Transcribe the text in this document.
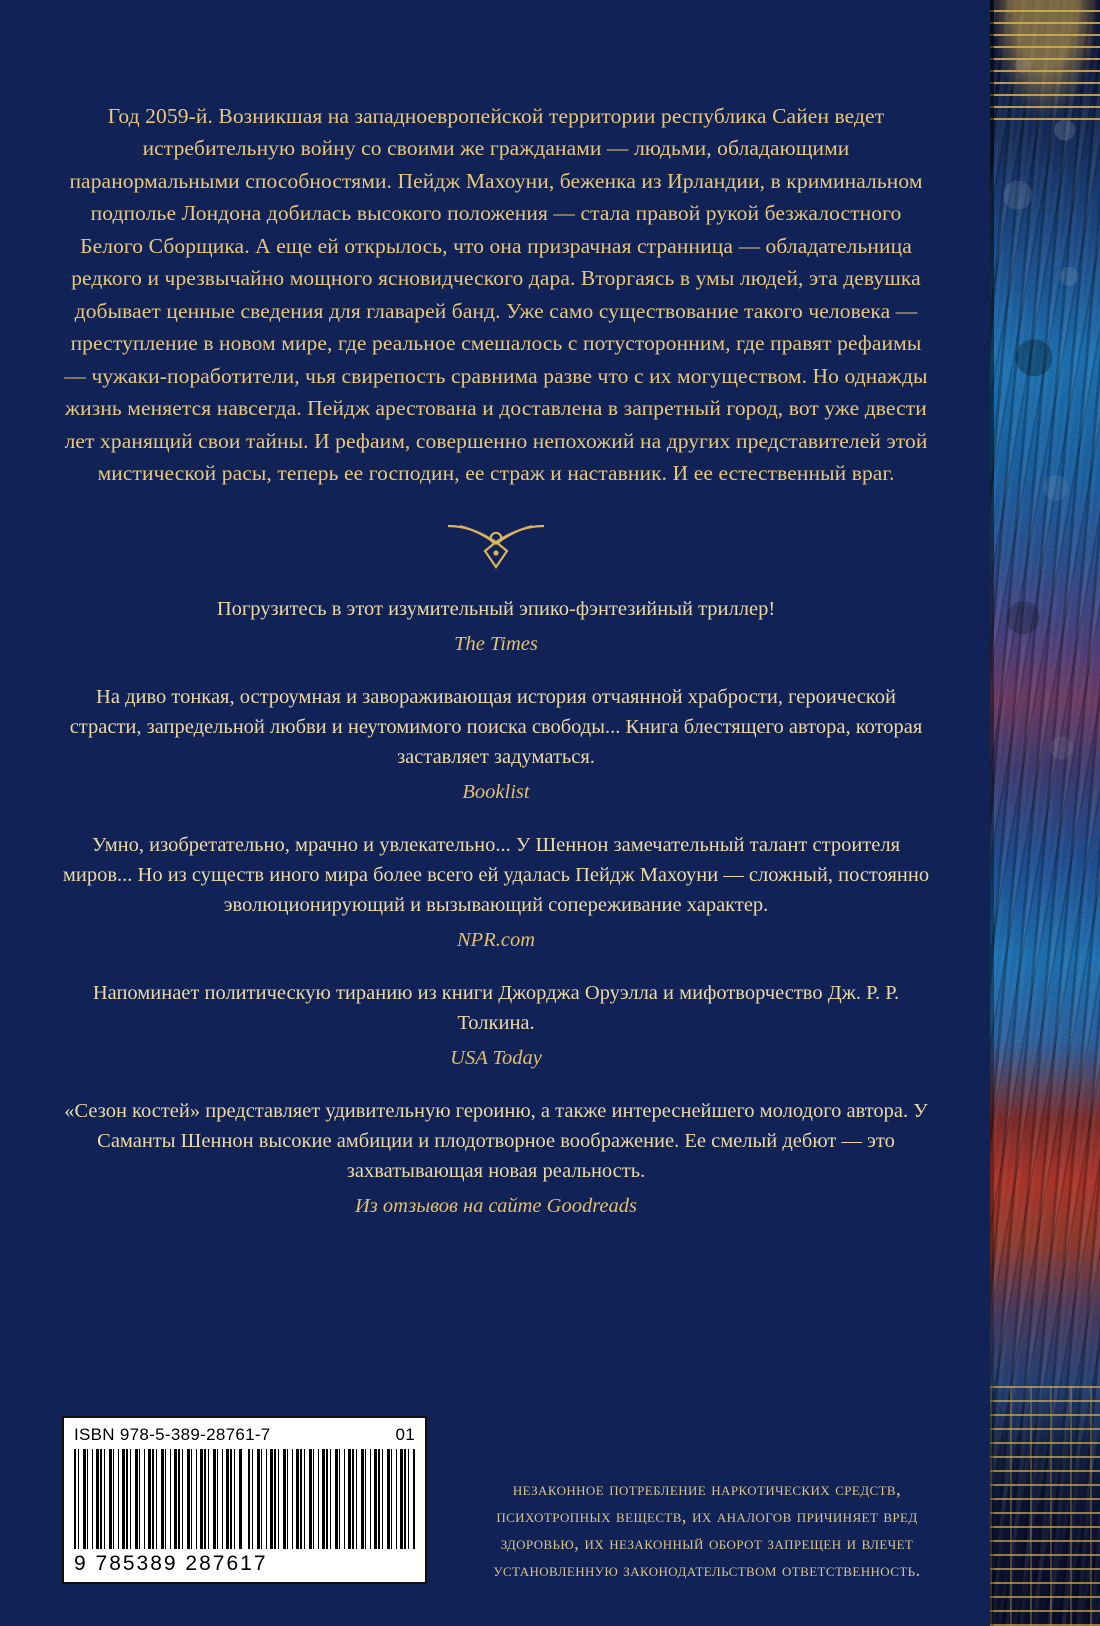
Год 2059-й. Возникшая на западноевропейской территории республика Сайен ведет истребительную войну со своими же гражданами — людьми, обладающими паранормальными способностями. Пейдж Махоуни, беженка из Ирландии, в криминальном подполье Лондона добилась высокого положения — стала правой рукой безжалостного Белого Сборщика. А еще ей открылось, что она призрачная странница — обладательница редкого и чрезвычайно мощного ясновидческого дара. Вторгаясь в умы людей, эта девушка добывает ценные сведения для главарей банд. Уже само существование такого человека — преступление в новом мире, где реальное смешалось с потусторонним, где правят рефаимы — чужаки-поработители, чья свирепость сравнима разве что с их могуществом. Но однажды жизнь меняется навсегда. Пейдж арестована и доставлена в запретный город, вот уже двести лет хранящий свои тайны. И рефаим, совершенно непохожий на других представителей этой мистической расы, теперь ее господин, ее страж и наставник. И ее естественный враг.

Погрузитесь в этот изумительный эпико-фэнтезийный триллер!
The Times
На диво тонкая, остроумная и завораживающая история отчаянной храбрости, героической страсти, запредельной любви и неутомимого поиска свободы... Книга блестящего автора, которая заставляет задуматься.
Booklist
Умно, изобретательно, мрачно и увлекательно... У Шеннон замечательный талант строителя миров... Но из существ иного мира более всего ей удалась Пейдж Махоуни — сложный, постоянно эволюционирующий и вызывающий сопереживание характер.
NPR.com
Напоминает политическую тиранию из книги Джорджа Оруэлла и мифотворчество Дж. Р. Р. Толкина.
USA Today
«Сезон костей» представляет удивительную героиню, а также интереснейшего молодого автора. У Саманты Шеннон высокие амбиции и плодотворное воображение. Ее смелый дебют — это захватывающая новая реальность.
Из отзывов на сайте Goodreads
ISBN 978-5-389-28761-7	01
9 785389 287617
незаконное потребление наркотических средств, психотропных веществ, их аналогов причиняет вред здоровью, их незаконный оборот запрещен и влечет установленную законодательством ответственность.
